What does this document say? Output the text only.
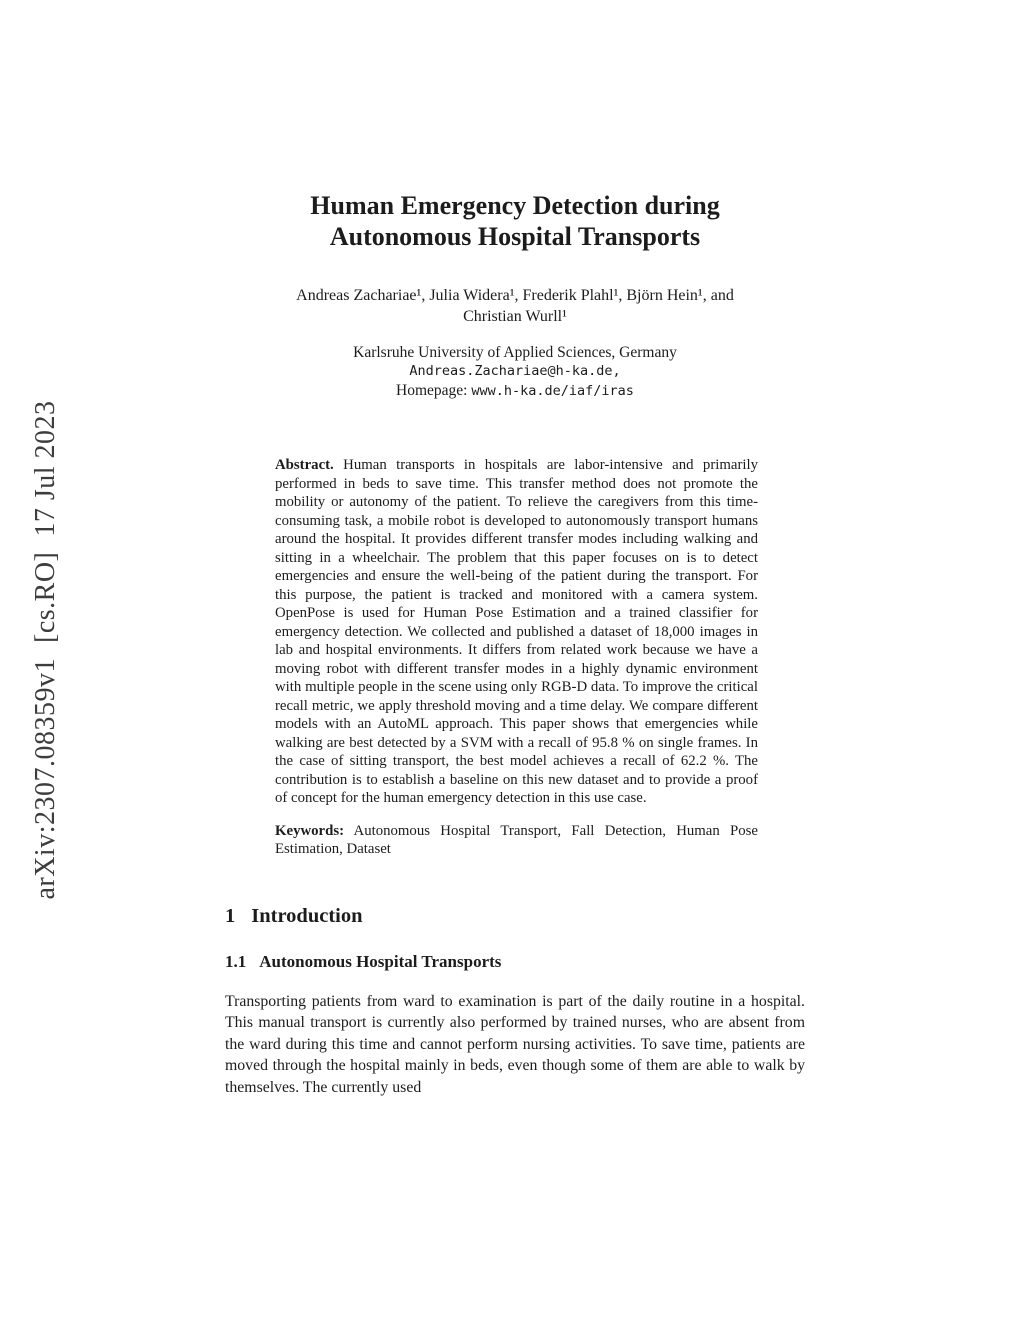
arXiv:2307.08359v1  [cs.RO]  17 Jul 2023
Human Emergency Detection during
Autonomous Hospital Transports
Andreas Zachariae¹, Julia Widera¹, Frederik Plahl¹, Björn Hein¹, and
Christian Wurll¹
Karlsruhe University of Applied Sciences, Germany
Andreas.Zachariae@h-ka.de,
Homepage: www.h-ka.de/iaf/iras

Abstract. Human transports in hospitals are labor-intensive and primarily performed in beds to save time. This transfer method does not promote the mobility or autonomy of the patient. To relieve the caregivers from this time-consuming task, a mobile robot is developed to autonomously transport humans around the hospital. It provides different transfer modes including walking and sitting in a wheelchair. The problem that this paper focuses on is to detect emergencies and ensure the well-being of the patient during the transport. For this purpose, the patient is tracked and monitored with a camera system. OpenPose is used for Human Pose Estimation and a trained classifier for emergency detection. We collected and published a dataset of 18,000 images in lab and hospital environments. It differs from related work because we have a moving robot with different transfer modes in a highly dynamic environment with multiple people in the scene using only RGB-D data. To improve the critical recall metric, we apply threshold moving and a time delay. We compare different models with an AutoML approach. This paper shows that emergencies while walking are best detected by a SVM with a recall of 95.8 % on single frames. In the case of sitting transport, the best model achieves a recall of 62.2 %. The contribution is to establish a baseline on this new dataset and to provide a proof of concept for the human emergency detection in this use case.

Keywords: Autonomous Hospital Transport, Fall Detection, Human Pose Estimation, Dataset

1 Introduction
1.1 Autonomous Hospital Transports

Transporting patients from ward to examination is part of the daily routine in a hospital. This manual transport is currently also performed by trained nurses, who are absent from the ward during this time and cannot perform nursing activities. To save time, patients are moved through the hospital mainly in beds, even though some of them are able to walk by themselves. The currently used
